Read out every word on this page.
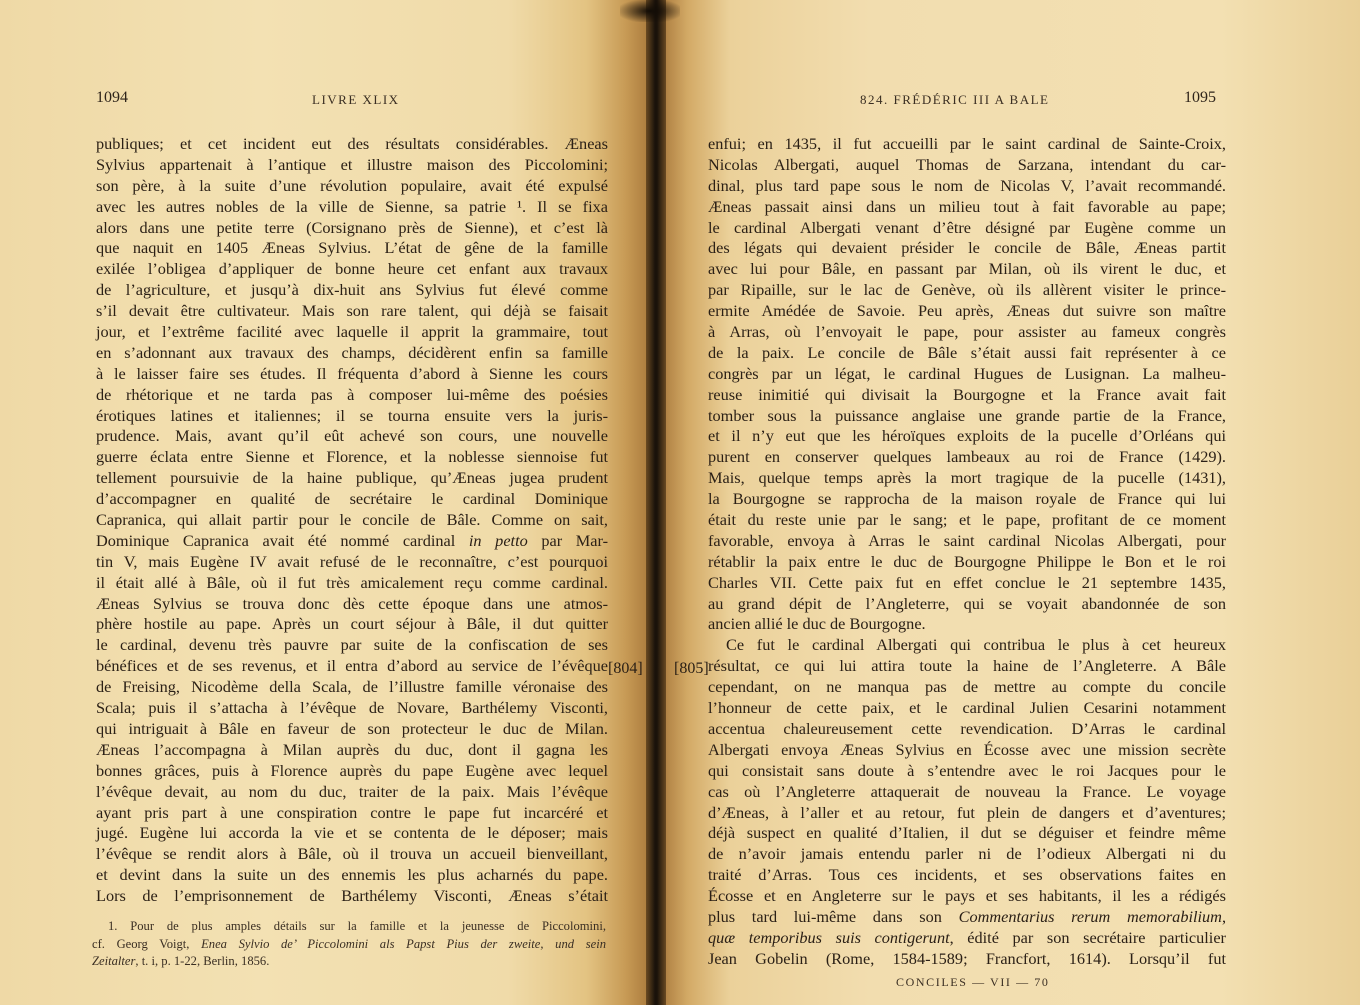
1094	LIVRE XLIX
publiques; et cet incident eut des résultats considérables. Æneas
Sylvius appartenait à l’antique et illustre maison des Piccolomini;
son père, à la suite d’une révolution populaire, avait été expulsé
avec les autres nobles de la ville de Sienne, sa patrie ¹. Il se fixa
alors dans une petite terre (Corsignano près de Sienne), et c’est là
que naquit en 1405 Æneas Sylvius. L’état de gêne de la famille
exilée l’obligea d’appliquer de bonne heure cet enfant aux travaux
de l’agriculture, et jusqu’à dix-huit ans Sylvius fut élevé comme
s’il devait être cultivateur. Mais son rare talent, qui déjà se faisait
jour, et l’extrême facilité avec laquelle il apprit la grammaire, tout
en s’adonnant aux travaux des champs, décidèrent enfin sa famille
à le laisser faire ses études. Il fréquenta d’abord à Sienne les cours
de rhétorique et ne tarda pas à composer lui-même des poésies
érotiques latines et italiennes; il se tourna ensuite vers la juris-
prudence. Mais, avant qu’il eût achevé son cours, une nouvelle
guerre éclata entre Sienne et Florence, et la noblesse siennoise fut
tellement poursuivie de la haine publique, qu’Æneas jugea prudent
d’accompagner en qualité de secrétaire le cardinal Dominique
Capranica, qui allait partir pour le concile de Bâle. Comme on sait,
Dominique Capranica avait été nommé cardinal in petto par Mar-
tin V, mais Eugène IV avait refusé de le reconnaître, c’est pourquoi
il était allé à Bâle, où il fut très amicalement reçu comme cardinal.
Æneas Sylvius se trouva donc dès cette époque dans une atmos-
phère hostile au pape. Après un court séjour à Bâle, il dut quitter
le cardinal, devenu très pauvre par suite de la confiscation de ses
bénéfices et de ses revenus, et il entra d’abord au service de l’évêque
de Freising, Nicodème della Scala, de l’illustre famille véronaise des
Scala; puis il s’attacha à l’évêque de Novare, Barthélemy Visconti,
qui intriguait à Bâle en faveur de son protecteur le duc de Milan.
Æneas l’accompagna à Milan auprès du duc, dont il gagna les
bonnes grâces, puis à Florence auprès du pape Eugène avec lequel
l’évêque devait, au nom du duc, traiter de la paix. Mais l’évêque
ayant pris part à une conspiration contre le pape fut incarcéré et
jugé. Eugène lui accorda la vie et se contenta de le déposer; mais
l’évêque se rendit alors à Bâle, où il trouva un accueil bienveillant,
et devint dans la suite un des ennemis les plus acharnés du pape.
Lors de l’emprisonnement de Barthélemy Visconti, Æneas s’était
1. Pour de plus amples détails sur la famille et la jeunesse de Piccolomini,
cf. Georg Voigt, Enea Sylvio de’ Piccolomini als Papst Pius der zweite, und sein
Zeitalter, t. i, p. 1-22, Berlin, 1856.
824. FRÉDÉRIC III A BALE	1095
enfui; en 1435, il fut accueilli par le saint cardinal de Sainte-Croix,
Nicolas Albergati, auquel Thomas de Sarzana, intendant du car-
dinal, plus tard pape sous le nom de Nicolas V, l’avait recommandé.
Æneas passait ainsi dans un milieu tout à fait favorable au pape;
le cardinal Albergati venant d’être désigné par Eugène comme un
des légats qui devaient présider le concile de Bâle, Æneas partit
avec lui pour Bâle, en passant par Milan, où ils virent le duc, et
par Ripaille, sur le lac de Genève, où ils allèrent visiter le prince-
ermite Amédée de Savoie. Peu après, Æneas dut suivre son maître
à Arras, où l’envoyait le pape, pour assister au fameux congrès
de la paix. Le concile de Bâle s’était aussi fait représenter à ce
congrès par un légat, le cardinal Hugues de Lusignan. La malheu-
reuse inimitié qui divisait la Bourgogne et la France avait fait
tomber sous la puissance anglaise une grande partie de la France,
et il n’y eut que les héroïques exploits de la pucelle d’Orléans qui
purent en conserver quelques lambeaux au roi de France (1429).
Mais, quelque temps après la mort tragique de la pucelle (1431),
la Bourgogne se rapprocha de la maison royale de France qui lui
était du reste unie par le sang; et le pape, profitant de ce moment
favorable, envoya à Arras le saint cardinal Nicolas Albergati, pour
rétablir la paix entre le duc de Bourgogne Philippe le Bon et le roi
Charles VII. Cette paix fut en effet conclue le 21 septembre 1435,
au grand dépit de l’Angleterre, qui se voyait abandonnée de son
ancien allié le duc de Bourgogne.
Ce fut le cardinal Albergati qui contribua le plus à cet heureux
résultat, ce qui lui attira toute la haine de l’Angleterre. A Bâle
cependant, on ne manqua pas de mettre au compte du concile
l’honneur de cette paix, et le cardinal Julien Cesarini notamment
accentua chaleureusement cette revendication. D’Arras le cardinal
Albergati envoya Æneas Sylvius en Écosse avec une mission secrète
qui consistait sans doute à s’entendre avec le roi Jacques pour le
cas où l’Angleterre attaquerait de nouveau la France. Le voyage
d’Æneas, à l’aller et au retour, fut plein de dangers et d’aventures;
déjà suspect en qualité d’Italien, il dut se déguiser et feindre même
de n’avoir jamais entendu parler ni de l’odieux Albergati ni du
traité d’Arras. Tous ces incidents, et ses observations faites en
Écosse et en Angleterre sur le pays et ses habitants, il les a rédigés
plus tard lui-même dans son Commentarius rerum memorabilium,
quæ temporibus suis contigerunt, édité par son secrétaire particulier
Jean Gobelin (Rome, 1584-1589; Francfort, 1614). Lorsqu’il fut
CONCILES — VII — 70
[804] [805]
